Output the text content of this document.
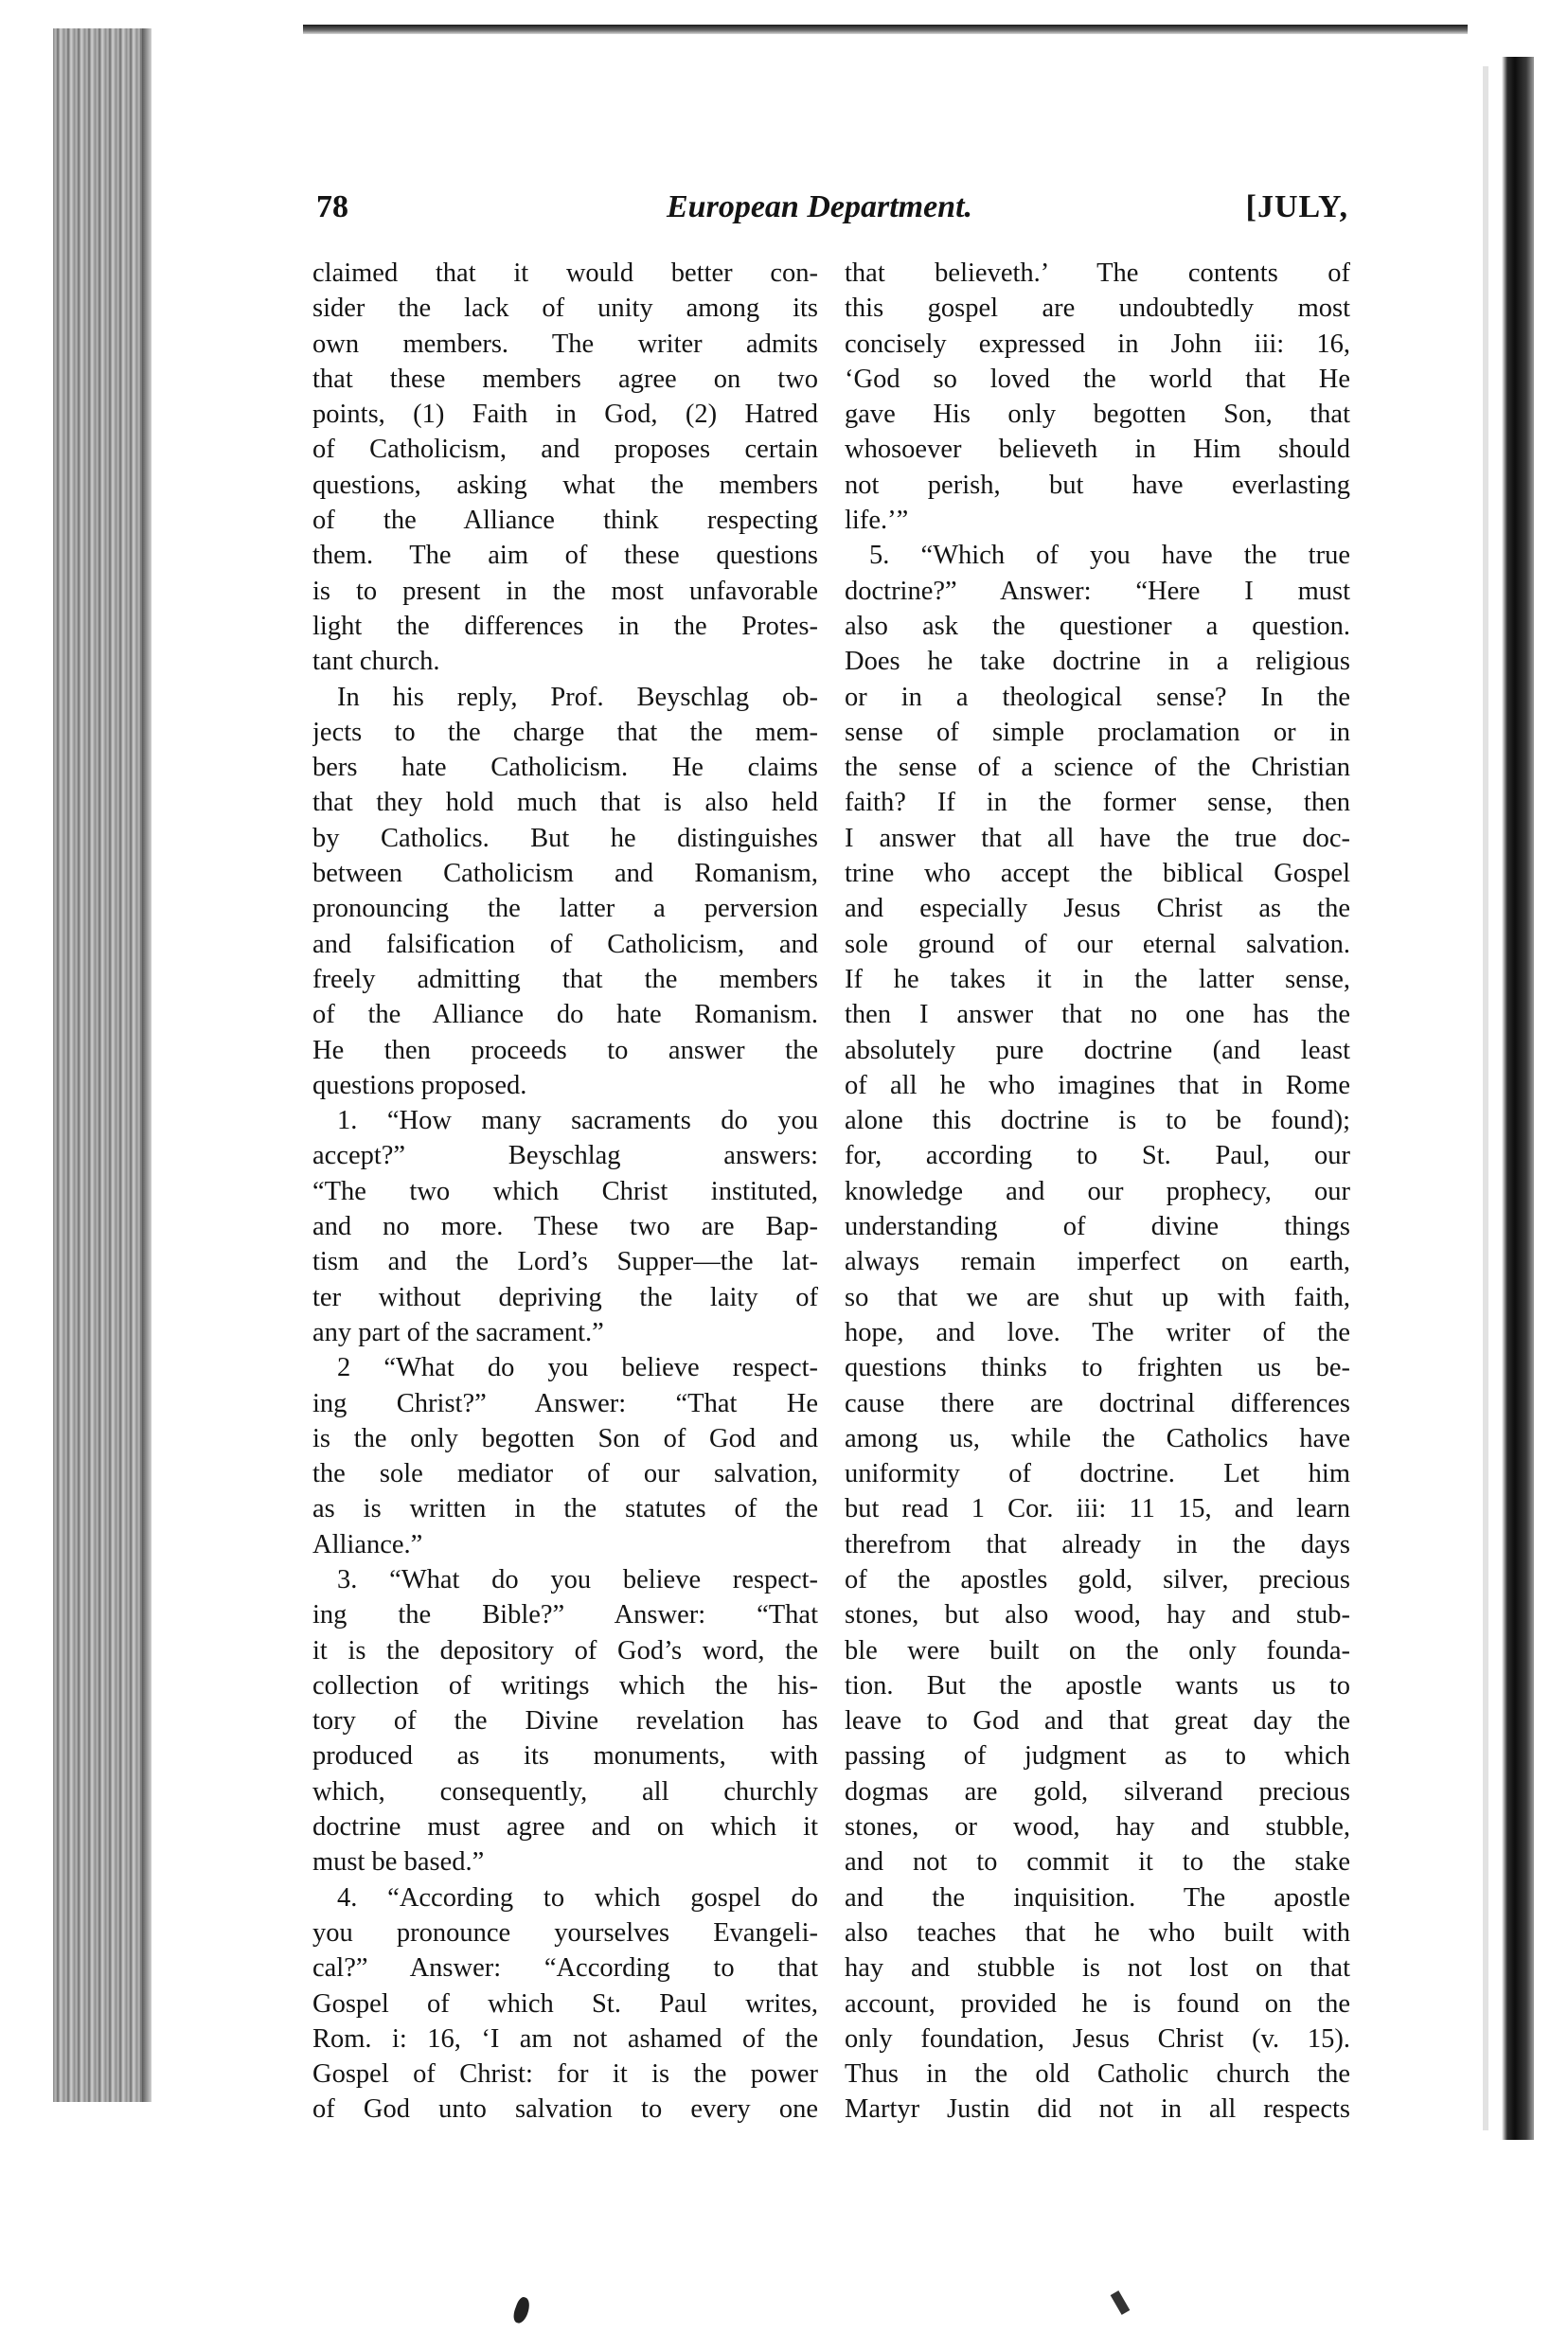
78	European Department.	[JULY,
claimed that it would better con-
sider the lack of unity among its
own members. The writer admits
that these members agree on two
points, (1) Faith in God, (2) Hatred
of Catholicism, and proposes certain
questions, asking what the members
of the Alliance think respecting
them. The aim of these questions
is to present in the most unfavorable
light the differences in the Protes-
tant church.
In his reply, Prof. Beyschlag ob-
jects to the charge that the mem-
bers hate Catholicism. He claims
that they hold much that is also held
by Catholics. But he distinguishes
between Catholicism and Romanism,
pronouncing the latter a perversion
and falsification of Catholicism, and
freely admitting that the members
of the Alliance do hate Romanism.
He then proceeds to answer the
questions proposed.
1. “How many sacraments do you
accept?” Beyschlag answers:
“The two which Christ instituted,
and no more. These two are Bap-
tism and the Lord’s Supper—the lat-
ter without depriving the laity of
any part of the sacrament.”
2 “What do you believe respect-
ing Christ?” Answer: “That He
is the only begotten Son of God and
the sole mediator of our salvation,
as is written in the statutes of the
Alliance.”
3. “What do you believe respect-
ing the Bible?” Answer: “That
it is the depository of God’s word, the
collection of writings which the his-
tory of the Divine revelation has
produced as its monuments, with
which, consequently, all churchly
doctrine must agree and on which it
must be based.”
4. “According to which gospel do
you pronounce yourselves Evangeli-
cal?” Answer: “According to that
Gospel of which St. Paul writes,
Rom. i: 16, ‘I am not ashamed of the
Gospel of Christ: for it is the power
of God unto salvation to every one
that believeth.’ The contents of
this gospel are undoubtedly most
concisely expressed in John iii: 16,
‘God so loved the world that He
gave His only begotten Son, that
whosoever believeth in Him should
not perish, but have everlasting
life.’”
5. “Which of you have the true
doctrine?” Answer: “Here I must
also ask the questioner a question.
Does he take doctrine in a religious
or in a theological sense? In the
sense of simple proclamation or in
the sense of a science of the Christian
faith? If in the former sense, then
I answer that all have the true doc-
trine who accept the biblical Gospel
and especially Jesus Christ as the
sole ground of our eternal salvation.
If he takes it in the latter sense,
then I answer that no one has the
absolutely pure doctrine (and least
of all he who imagines that in Rome
alone this doctrine is to be found);
for, according to St. Paul, our
knowledge and our prophecy, our
understanding of divine things
always remain imperfect on earth,
so that we are shut up with faith,
hope, and love. The writer of the
questions thinks to frighten us be-
cause there are doctrinal differences
among us, while the Catholics have
uniformity of doctrine. Let him
but read 1 Cor. iii: 11 15, and learn
therefrom that already in the days
of the apostles gold, silver, precious
stones, but also wood, hay and stub-
ble were built on the only founda-
tion. But the apostle wants us to
leave to God and that great day the
passing of judgment as to which
dogmas are gold, silverand precious
stones, or wood, hay and stubble,
and not to commit it to the stake
and the inquisition. The apostle
also teaches that he who built with
hay and stubble is not lost on that
account, provided he is found on the
only foundation, Jesus Christ (v. 15).
Thus in the old Catholic church the
Martyr Justin did not in all respects
